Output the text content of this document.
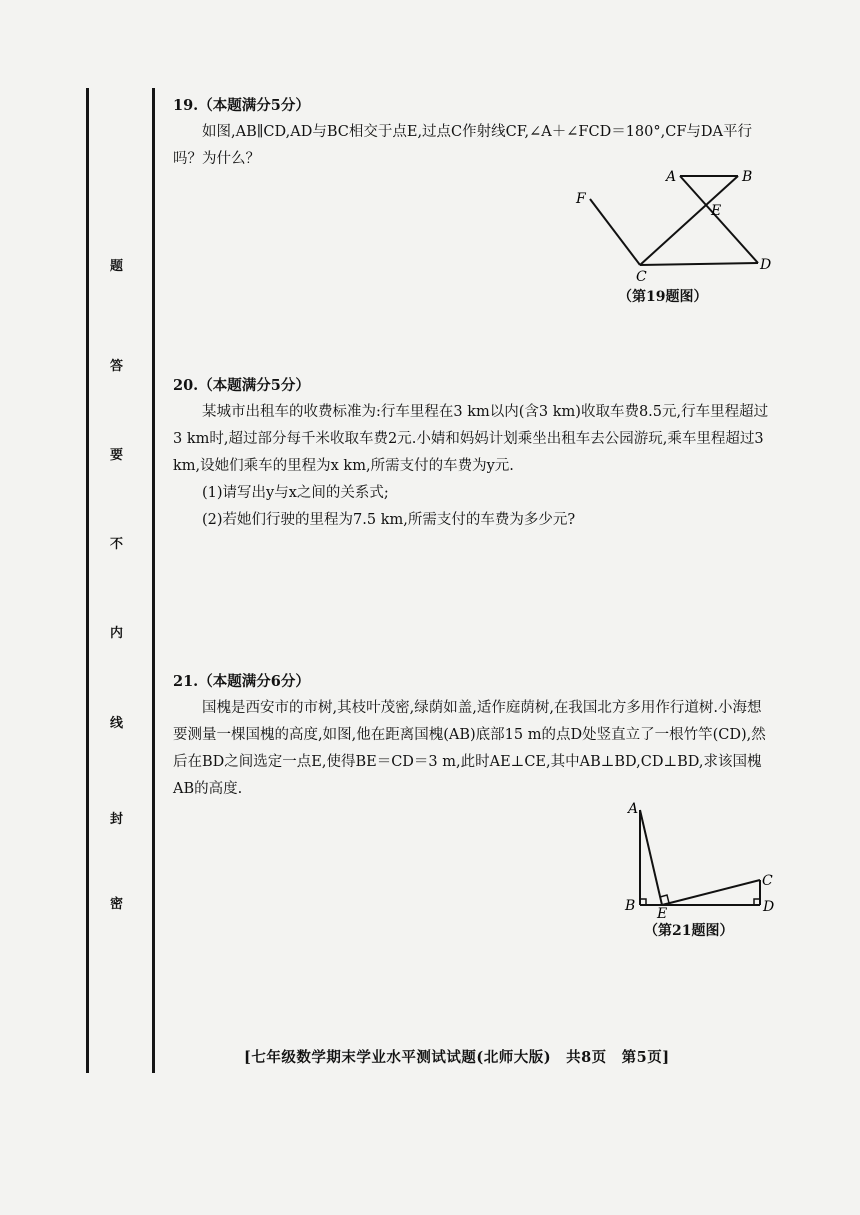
题
答
要
不
内
线
封
密
19.（本题满分5分）

如图,AB∥CD,AD与BC相交于点E,过点C作射线CF,∠A＋∠FCD＝180°,CF与DA平行吗？为什么？

A	B
E
F
C
D
（第19题图）
20.（本题满分5分）

某城市出租车的收费标准为:行车里程在3 km以内(含3 km)收取车费8.5元,行车里程超过3 km时,超过部分每千米收取车费2元.小婧和妈妈计划乘坐出租车去公园游玩,乘车里程超过3 km,设她们乘车的里程为x km,所需支付的车费为y元.

(1)请写出y与x之间的关系式;

(2)若她们行驶的里程为7.5 km,所需支付的车费为多少元?

21.（本题满分6分）

国槐是西安市的市树,其枝叶茂密,绿荫如盖,适作庭荫树,在我国北方多用作行道树.小海想要测量一棵国槐的高度,如图,他在距离国槐(AB)底部15 m的点D处竖直立了一根竹竿(CD),然后在BD之间选定一点E,使得BE＝CD＝3 m,此时AE⊥CE,其中AB⊥BD,CD⊥BD,求该国槐AB的高度.

A
B E
C
D
（第21题图）
[七年级数学期末学业水平测试试题(北师大版)　共8页　第5页]
